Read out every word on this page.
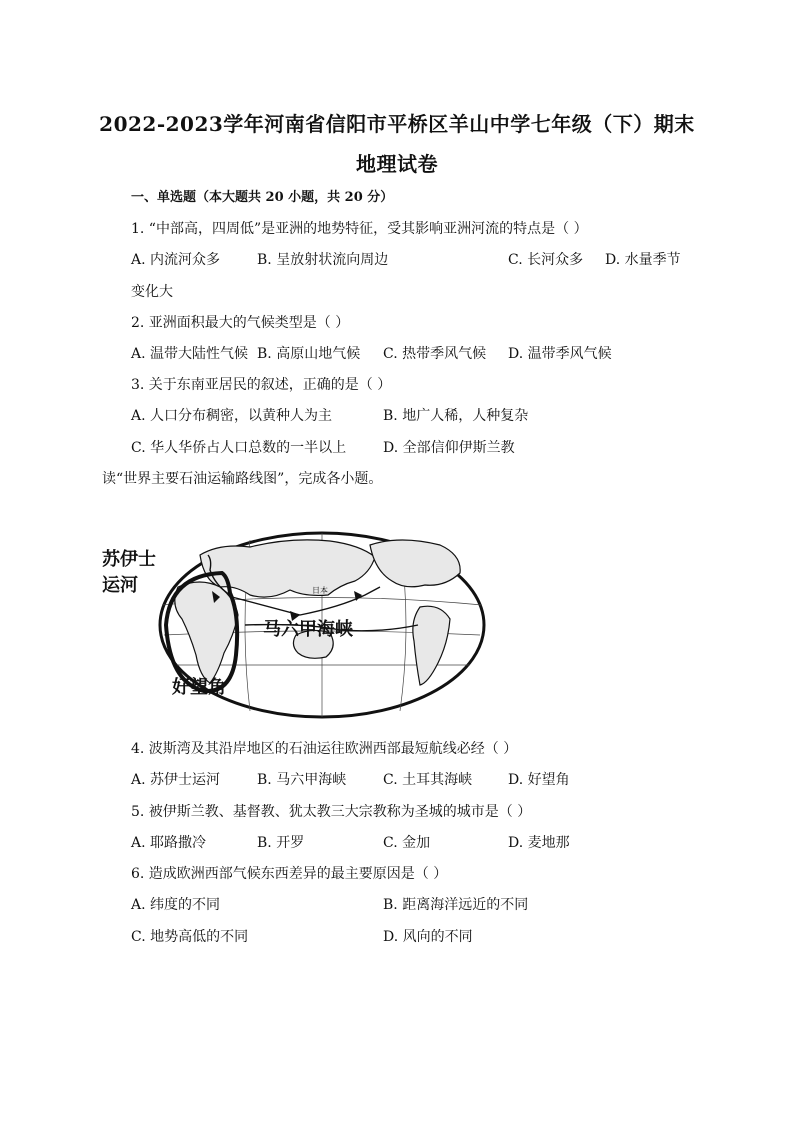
2022-2023学年河南省信阳市平桥区羊山中学七年级（下）期末
地理试卷
一、单选题（本大题共 20 小题，共 20 分）
1. “中部高，四周低”是亚洲的地势特征，受其影响亚洲河流的特点是（ ）
A. 内流河众多	B. 呈放射状流向周边	C. 长河众多 D. 水量季节
变化大
2. 亚洲面积最大的气候类型是（ ）
A. 温带大陆性气候 B. 高原山地气候 C. 热带季风气候 D. 温带季风气候
3. 关于东南亚居民的叙述，正确的是（ ）
A. 人口分布稠密，以黄种人为主	B. 地广人稀，人种复杂
C. 华人华侨占人口总数的一半以上	D. 全部信仰伊斯兰教
读“世界主要石油运输路线图”，完成各小题。
苏伊士
运河
马六甲海峡
好望角
日本
4. 波斯湾及其沿岸地区的石油运往欧洲西部最短航线必经（ ）
A. 苏伊士运河	B. 马六甲海峡	C. 土耳其海峡	D. 好望角
5. 被伊斯兰教、基督教、犹太教三大宗教称为圣城的城市是（ ）
A. 耶路撒冷	B. 开罗	C. 金加	D. 麦地那
6. 造成欧洲西部气候东西差异的最主要原因是（ ）
A. 纬度的不同	B. 距离海洋远近的不同
C. 地势高低的不同	D. 风向的不同
